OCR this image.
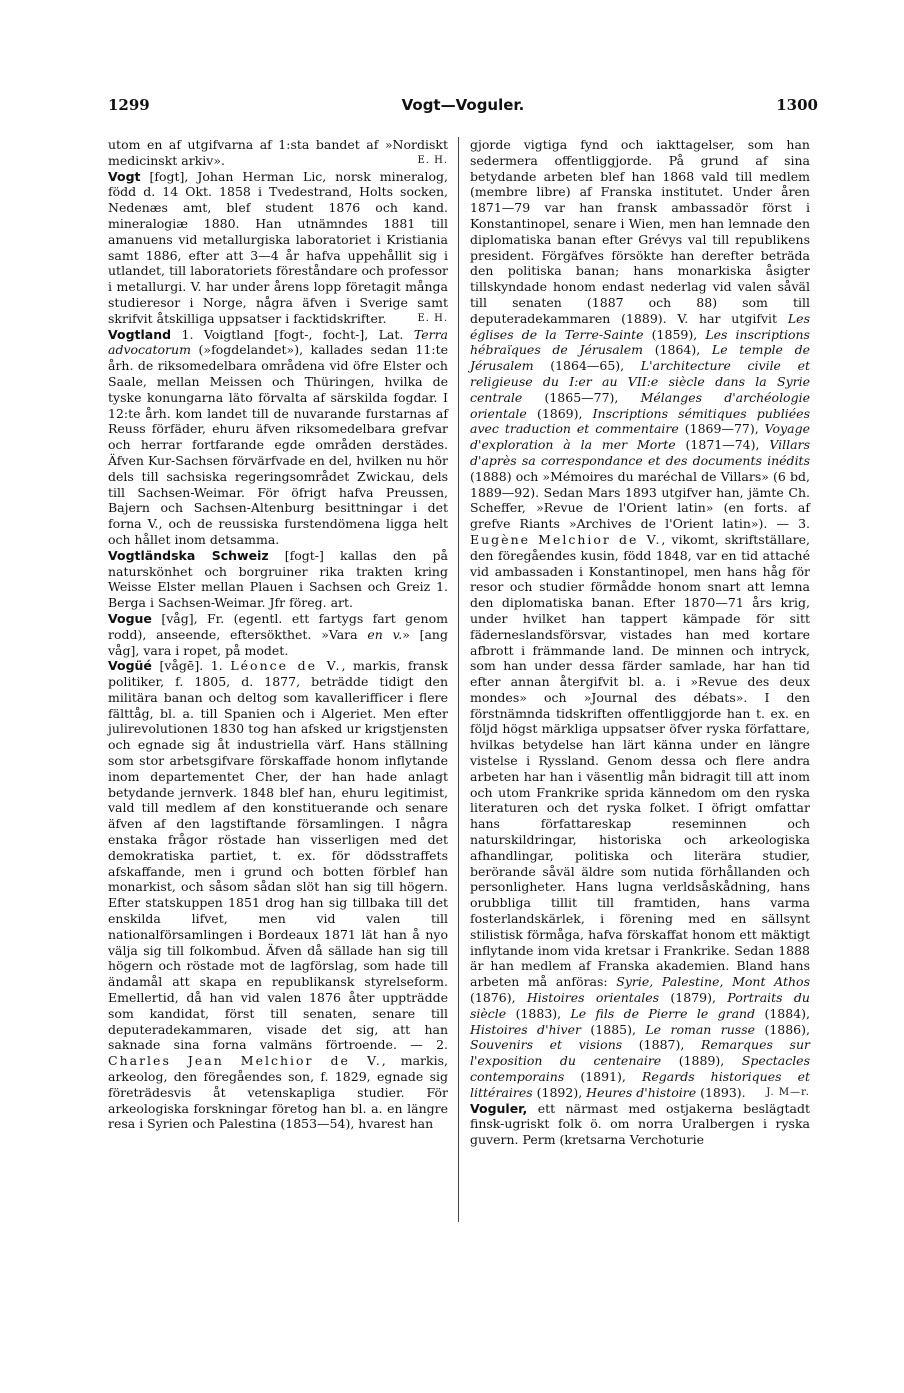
1299	Vogt—Voguler.	1300

utom en af utgifvarna af 1:sta bandet af »Nordiskt medicinskt arkiv».	E. H.

Vogt [fogt], Johan Herman Lic, norsk mineralog, född d. 14 Okt. 1858 i Tvedestrand, Holts socken, Nedenæs amt, blef student 1876 och kand. mineralogiæ 1880. Han utnämndes 1881 till amanuens vid metallurgiska laboratoriet i Kristiania samt 1886, efter att 3—4 år hafva uppehållit sig i utlandet, till laboratoriets föreståndare och professor i metallurgi. V. har under årens lopp företagit många studieresor i Norge, några äfven i Sverige samt skrifvit åtskilliga uppsatser i facktidskrifter.	E. H.

Vogtland 1. Voigtland [fogt-, focht-], Lat. Terra advocatorum (»fogdelandet»), kallades sedan 11:te årh. de riksomedelbara områdena vid öfre Elster och Saale, mellan Meissen och Thüringen, hvilka de tyske konungarna läto förvalta af särskilda fogdar. I 12:te årh. kom landet till de nuvarande furstarnas af Reuss förfäder, ehuru äfven riksomedelbara grefvar och herrar fortfarande egde områden derstädes. Äfven Kur-Sachsen förvärfvade en del, hvilken nu hör dels till sachsiska regeringsområdet Zwickau, dels till Sachsen-Weimar. För öfrigt hafva Preussen, Bajern och Sachsen-Altenburg besittningar i det forna V., och de reussiska furstendömena ligga helt och hållet inom detsamma.

Vogtländska Schweiz [fogt-] kallas den på naturskönhet och borgruiner rika trakten kring Weisse Elster mellan Plauen i Sachsen och Greiz 1. Berga i Sachsen-Weimar. Jfr föreg. art.

Vogue [våg], Fr. (egentl. ett fartygs fart genom rodd), anseende, eftersökthet. »Vara en v.» [ang våg], vara i ropet, på modet.

Vogüé [vågē]. 1. Léonce de V., markis, fransk politiker, f. 1805, d. 1877, beträdde tidigt den militära banan och deltog som kavallerifficer i flere fälttåg, bl. a. till Spanien och i Algeriet. Men efter julirevolutionen 1830 tog han afsked ur krigstjensten och egnade sig åt industriella värf. Hans ställning som stor arbetsgifvare förskaffade honom inflytande inom departementet Cher, der han hade anlagt betydande jernverk. 1848 blef han, ehuru legitimist, vald till medlem af den konstituerande och senare äfven af den lagstiftande församlingen. I några enstaka frågor röstade han visserligen med det demokratiska partiet, t. ex. för dödsstraffets afskaffande, men i grund och botten förblef han monarkist, och såsom sådan slöt han sig till högern. Efter statskuppen 1851 drog han sig tillbaka till det enskilda lifvet, men vid valen till nationalförsamlingen i Bordeaux 1871 lät han å nyo välja sig till folkombud. Äfven då sällade han sig till högern och röstade mot de lagförslag, som hade till ändamål att skapa en republikansk styrelseform. Emellertid, då han vid valen 1876 åter uppträdde som kandidat, först till senaten, senare till deputeradekammaren, visade det sig, att han saknade sina forna valmäns förtroende. — 2. Charles Jean Melchior de V., markis, arkeolog, den föregåendes son, f. 1829, egnade sig företrädesvis åt vetenskapliga studier. För arkeologiska forskningar företog han bl. a. en längre resa i Syrien och Palestina (1853—54), hvarest han

gjorde vigtiga fynd och iakttagelser, som han sedermera offentliggjorde. På grund af sina betydande arbeten blef han 1868 vald till medlem (membre libre) af Franska institutet. Under åren 1871—79 var han fransk ambassadör först i Konstantinopel, senare i Wien, men han lemnade den diplomatiska banan efter Grévys val till republikens president. Förgäfves försökte han derefter beträda den politiska banan; hans monarkiska åsigter tillskyndade honom endast nederlag vid valen såväl till senaten (1887 och 88) som till deputeradekammaren (1889). V. har utgifvit Les églises de la Terre-Sainte (1859), Les inscriptions hébraïques de Jérusalem (1864), Le temple de Jérusalem (1864—65), L'architecture civile et religieuse du I:er au VII:e siècle dans la Syrie centrale (1865—77), Mélanges d'archéologie orientale (1869), Inscriptions sémitiques publiées avec traduction et commentaire (1869—77), Voyage d'exploration à la mer Morte (1871—74), Villars d'après sa correspondance et des documents inédits (1888) och »Mémoires du maréchal de Villars» (6 bd, 1889—92). Sedan Mars 1893 utgifver han, jämte Ch. Scheffer, »Revue de l'Orient latin» (en forts. af grefve Riants »Archives de l'Orient latin»). — 3. Eugène Melchior de V., vikomt, skriftställare, den föregåendes kusin, född 1848, var en tid attaché vid ambassaden i Konstantinopel, men hans håg för resor och studier förmådde honom snart att lemna den diplomatiska banan. Efter 1870—71 års krig, under hvilket han tappert kämpade för sitt fäderneslandsförsvar, vistades han med kortare afbrott i främmande land. De minnen och intryck, som han under dessa färder samlade, har han tid efter annan återgifvit bl. a. i »Revue des deux mondes» och »Journal des débats». I den förstnämnda tidskriften offentliggjorde han t. ex. en följd högst märkliga uppsatser öfver ryska författare, hvilkas betydelse han lärt känna under en längre vistelse i Ryssland. Genom dessa och flere andra arbeten har han i väsentlig mån bidragit till att inom och utom Frankrike sprida kännedom om den ryska literaturen och det ryska folket. I öfrigt omfattar hans författareskap reseminnen och naturskildringar, historiska och arkeologiska afhandlingar, politiska och literära studier, berörande såväl äldre som nutida förhållanden och personligheter. Hans lugna verldsåskådning, hans orubbliga tillit till framtiden, hans varma fosterlandskärlek, i förening med en sällsynt stilistisk förmåga, hafva förskaffat honom ett mäktigt inflytande inom vida kretsar i Frankrike. Sedan 1888 är han medlem af Franska akademien. Bland hans arbeten må anföras: Syrie, Palestine, Mont Athos (1876), Histoires orientales (1879), Portraits du siècle (1883), Le fils de Pierre le grand (1884), Histoires d'hiver (1885), Le roman russe (1886), Souvenirs et visions (1887), Remarques sur l'exposition du centenaire (1889), Spectacles contemporains (1891), Regards historiques et littéraires (1892), Heures d'histoire (1893). J. M—r.

Voguler, ett närmast med ostjakerna beslägtadt finsk-ugriskt folk ö. om norra Uralbergen i ryska guvern. Perm (kretsarna Verchoturie
